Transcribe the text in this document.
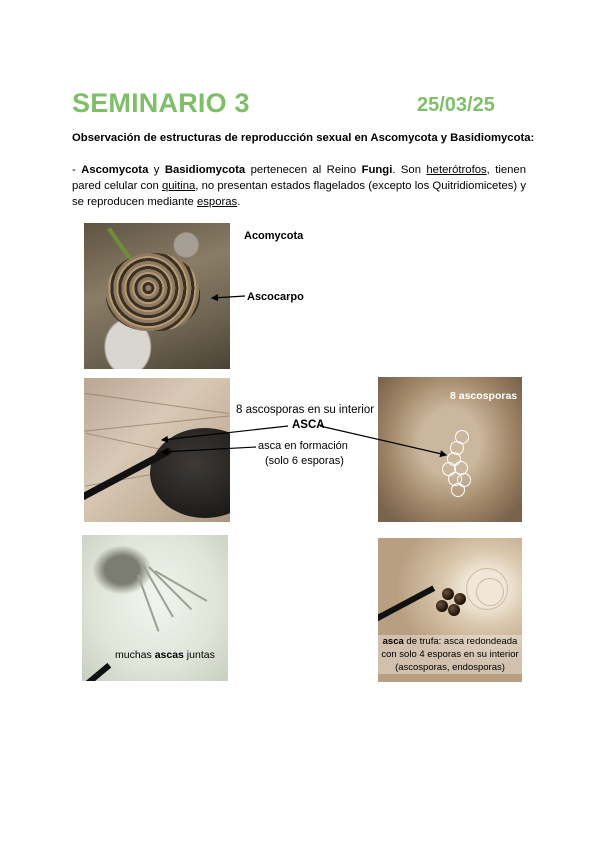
SEMINARIO 3	25/03/25
Observación de estructuras de reproducción sexual en Ascomycota y Basidiomycota:
- Ascomycota y Basidiomycota pertenecen al Reino Fungi. Son heterótrofos, tienen pared celular con quitina, no presentan estados flagelados (excepto los Quitridiomicetes) y se reproducen mediante esporas.
Acomycota
Ascocarpo
8 ascosporas en su interior
ASCA
asca en formación
(solo 6 esporas)
8 ascosporas
muchas ascas juntas
asca de trufa: asca redondeada
con solo 4 esporas en su interior
(ascosporas, endosporas)
